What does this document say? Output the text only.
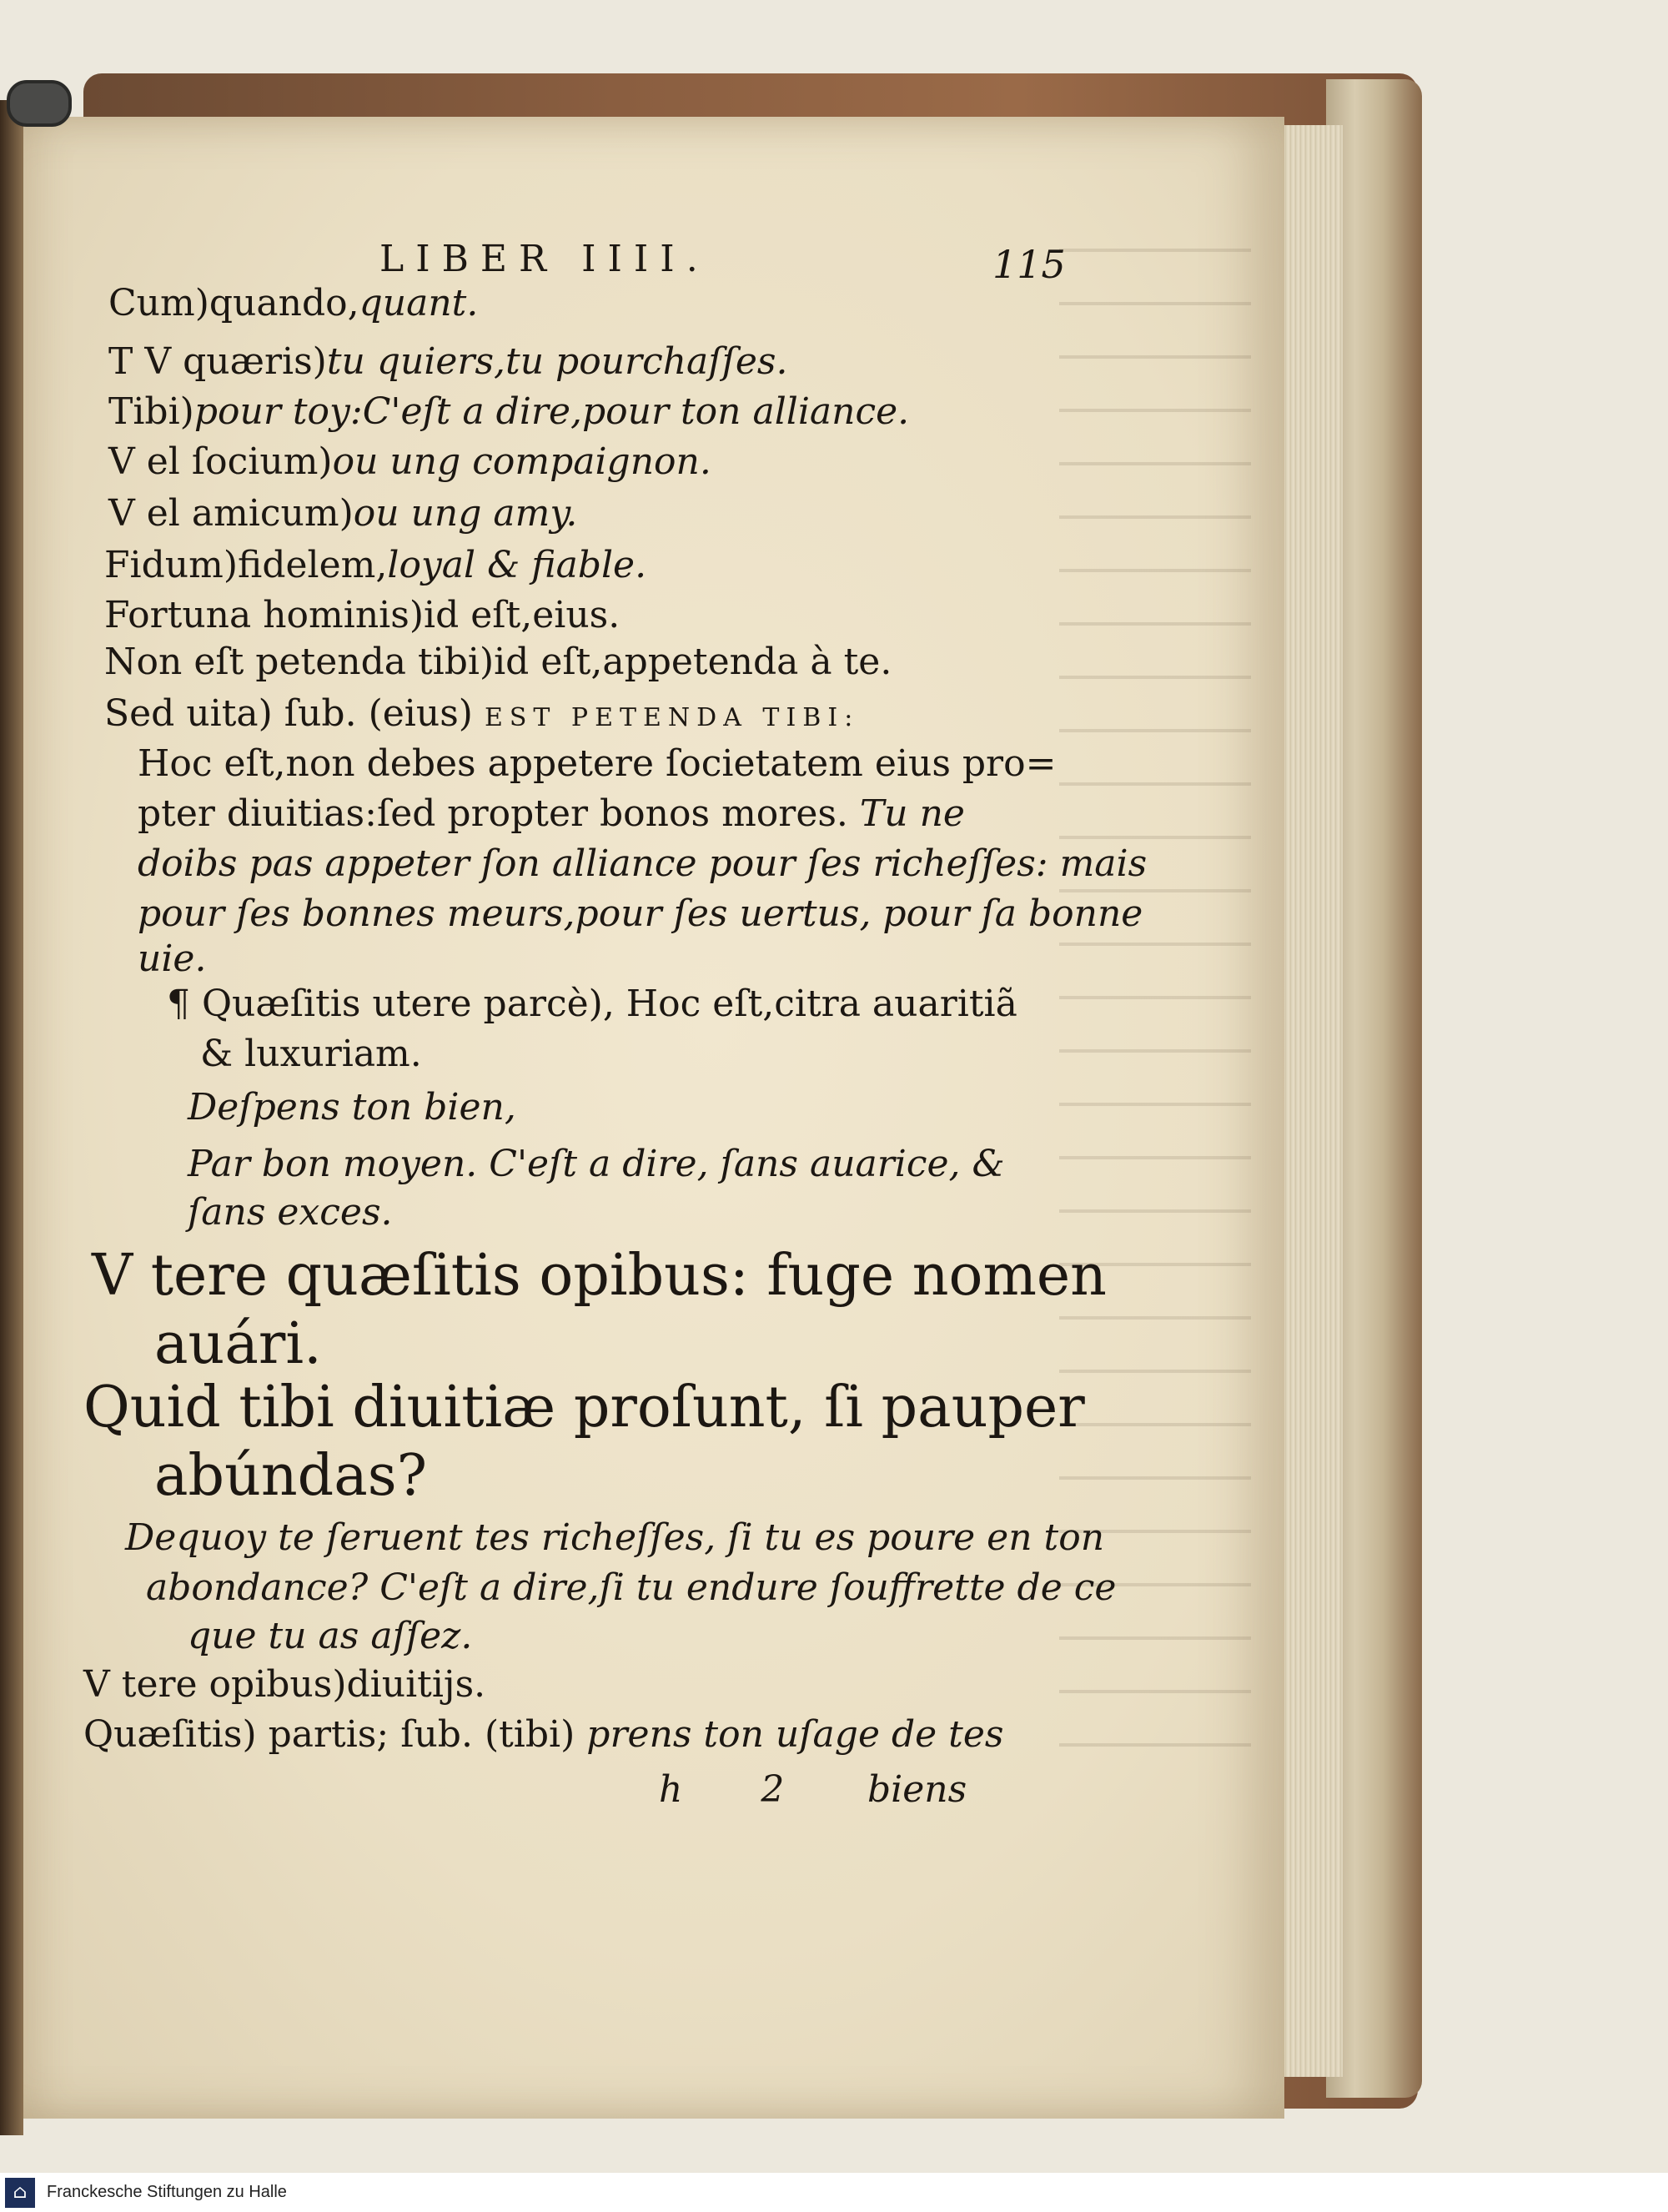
LIBER IIII.	115
Cum)quando,quant.
T V quæris)tu quiers,tu pourchaſſes.
Tibi)pour toy:C'eſt a dire,pour ton alliance.
V el ſocium)ou ung compaignon.
V el amicum)ou ung amy.
Fidum)fidelem,loyal & fiable.
Fortuna hominis)id eſt,eius.
Non eſt petenda tibi)id eſt,appetenda à te.
Sed uita) ſub. (eius) EST PETENDA TIBI:
Hoc eſt,non debes appetere ſocietatem eius pro=
pter diuitias:ſed propter bonos mores. Tu ne
doibs pas appeter ſon alliance pour ſes richeſſes: mais
pour ſes bonnes meurs,pour ſes uertus, pour ſa bonne
uie.
¶ Quæſitis utere parcè), Hoc eſt,citra auaritiã
& luxuriam.
Deſpens ton bien,
Par bon moyen. C'eſt a dire, ſans auarice, &
ſans exces.
V tere quæſitis opibus: fuge nomen
auári.
Quid tibi diuitiæ proſunt, ſi pauper
abúndas?
Dequoy te ſeruent tes richeſſes, ſi tu es poure en ton
abondance? C'eſt a dire,ſi tu endure ſouffrette de ce
que tu as aſſez.
V tere opibus)diuitijs.
Quæſitis) partis; ſub. (tibi) prens ton uſage de tes
h 2 biens
⌂	Franckesche Stiftungen zu Halle
